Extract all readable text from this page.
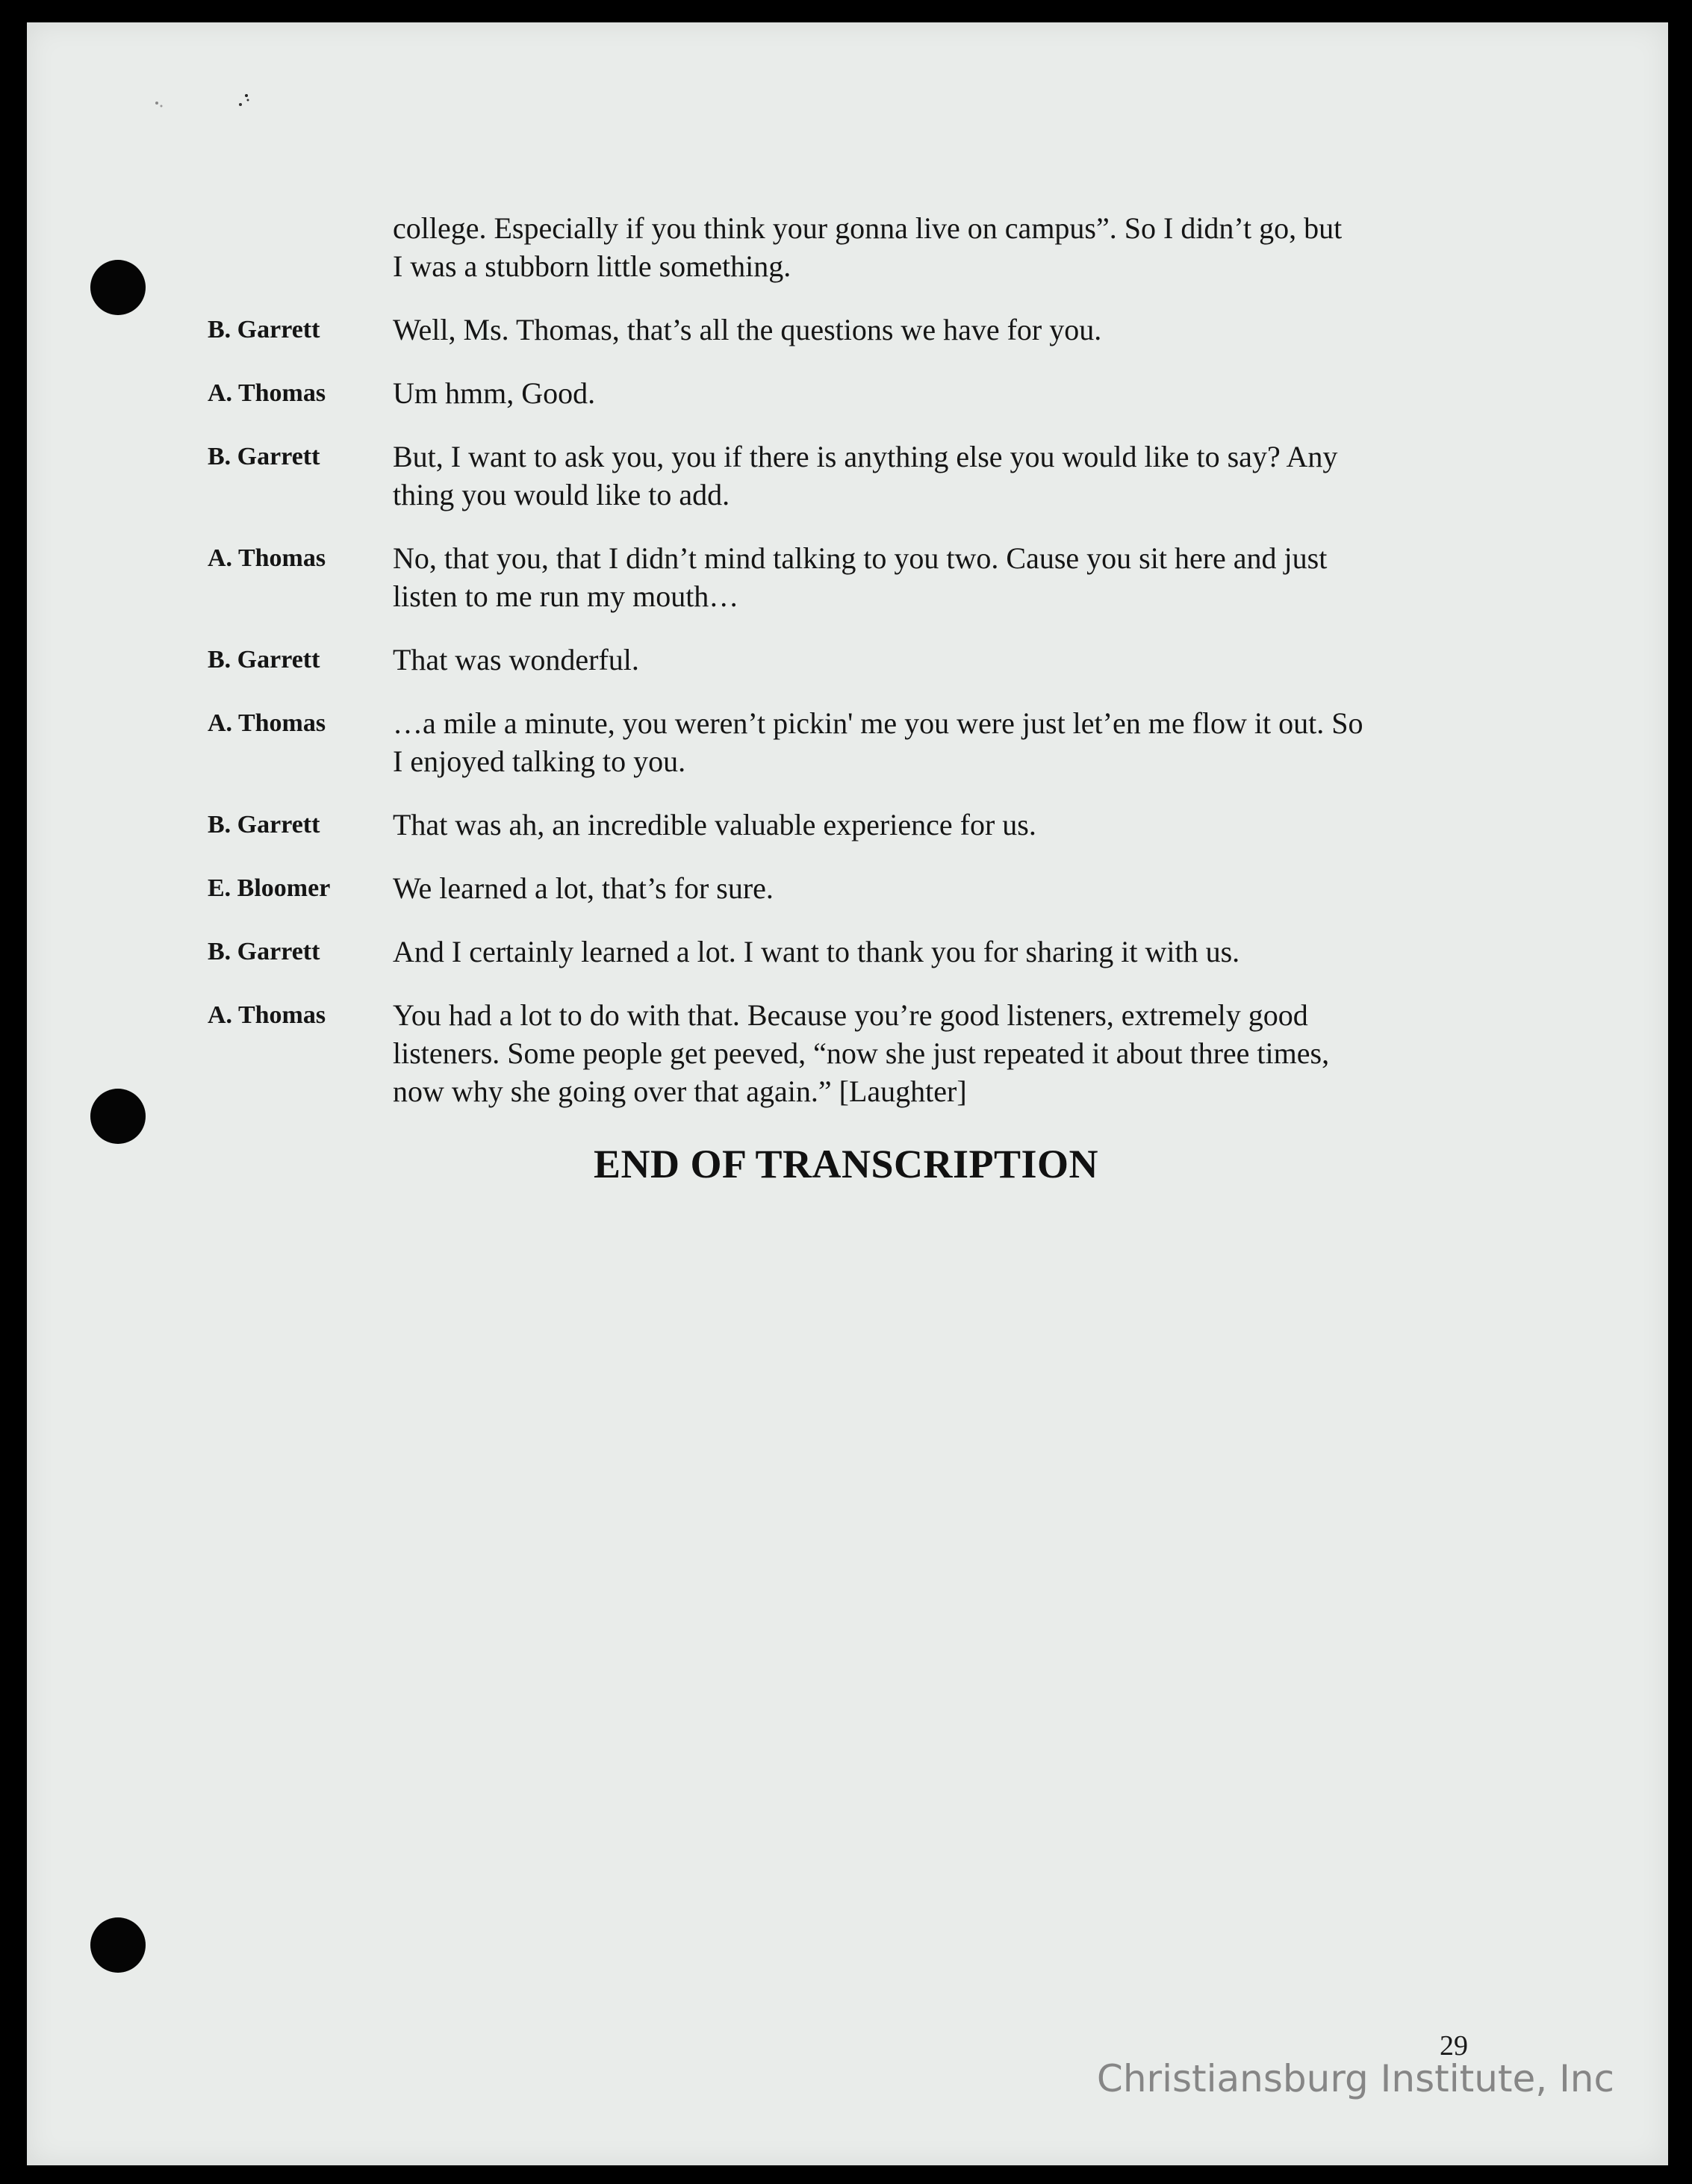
college. Especially if you think your gonna live on campus”. So I didn’t go, but
I was a stubborn little something.
B. Garrett	Well, Ms. Thomas, that’s all the questions we have for you.
A. Thomas	Um hmm, Good.
B. Garrett	But, I want to ask you, you if there is anything else you would like to say? Any
thing you would like to add.
A. Thomas	No, that you, that I didn’t mind talking to you two. Cause you sit here and just
listen to me run my mouth…
B. Garrett	That was wonderful.
A. Thomas	…a mile a minute, you weren’t pickin' me you were just let’en me flow it out. So
I enjoyed talking to you.
B. Garrett	That was ah, an incredible valuable experience for us.
E. Bloomer	We learned a lot, that’s for sure.
B. Garrett	And I certainly learned a lot. I want to thank you for sharing it with us.
A. Thomas	You had a lot to do with that. Because you’re good listeners, extremely good
listeners. Some people get peeved, “now she just repeated it about three times,
now why she going over that again.” [Laughter]
END OF TRANSCRIPTION
29
Christiansburg Institute, Inc
